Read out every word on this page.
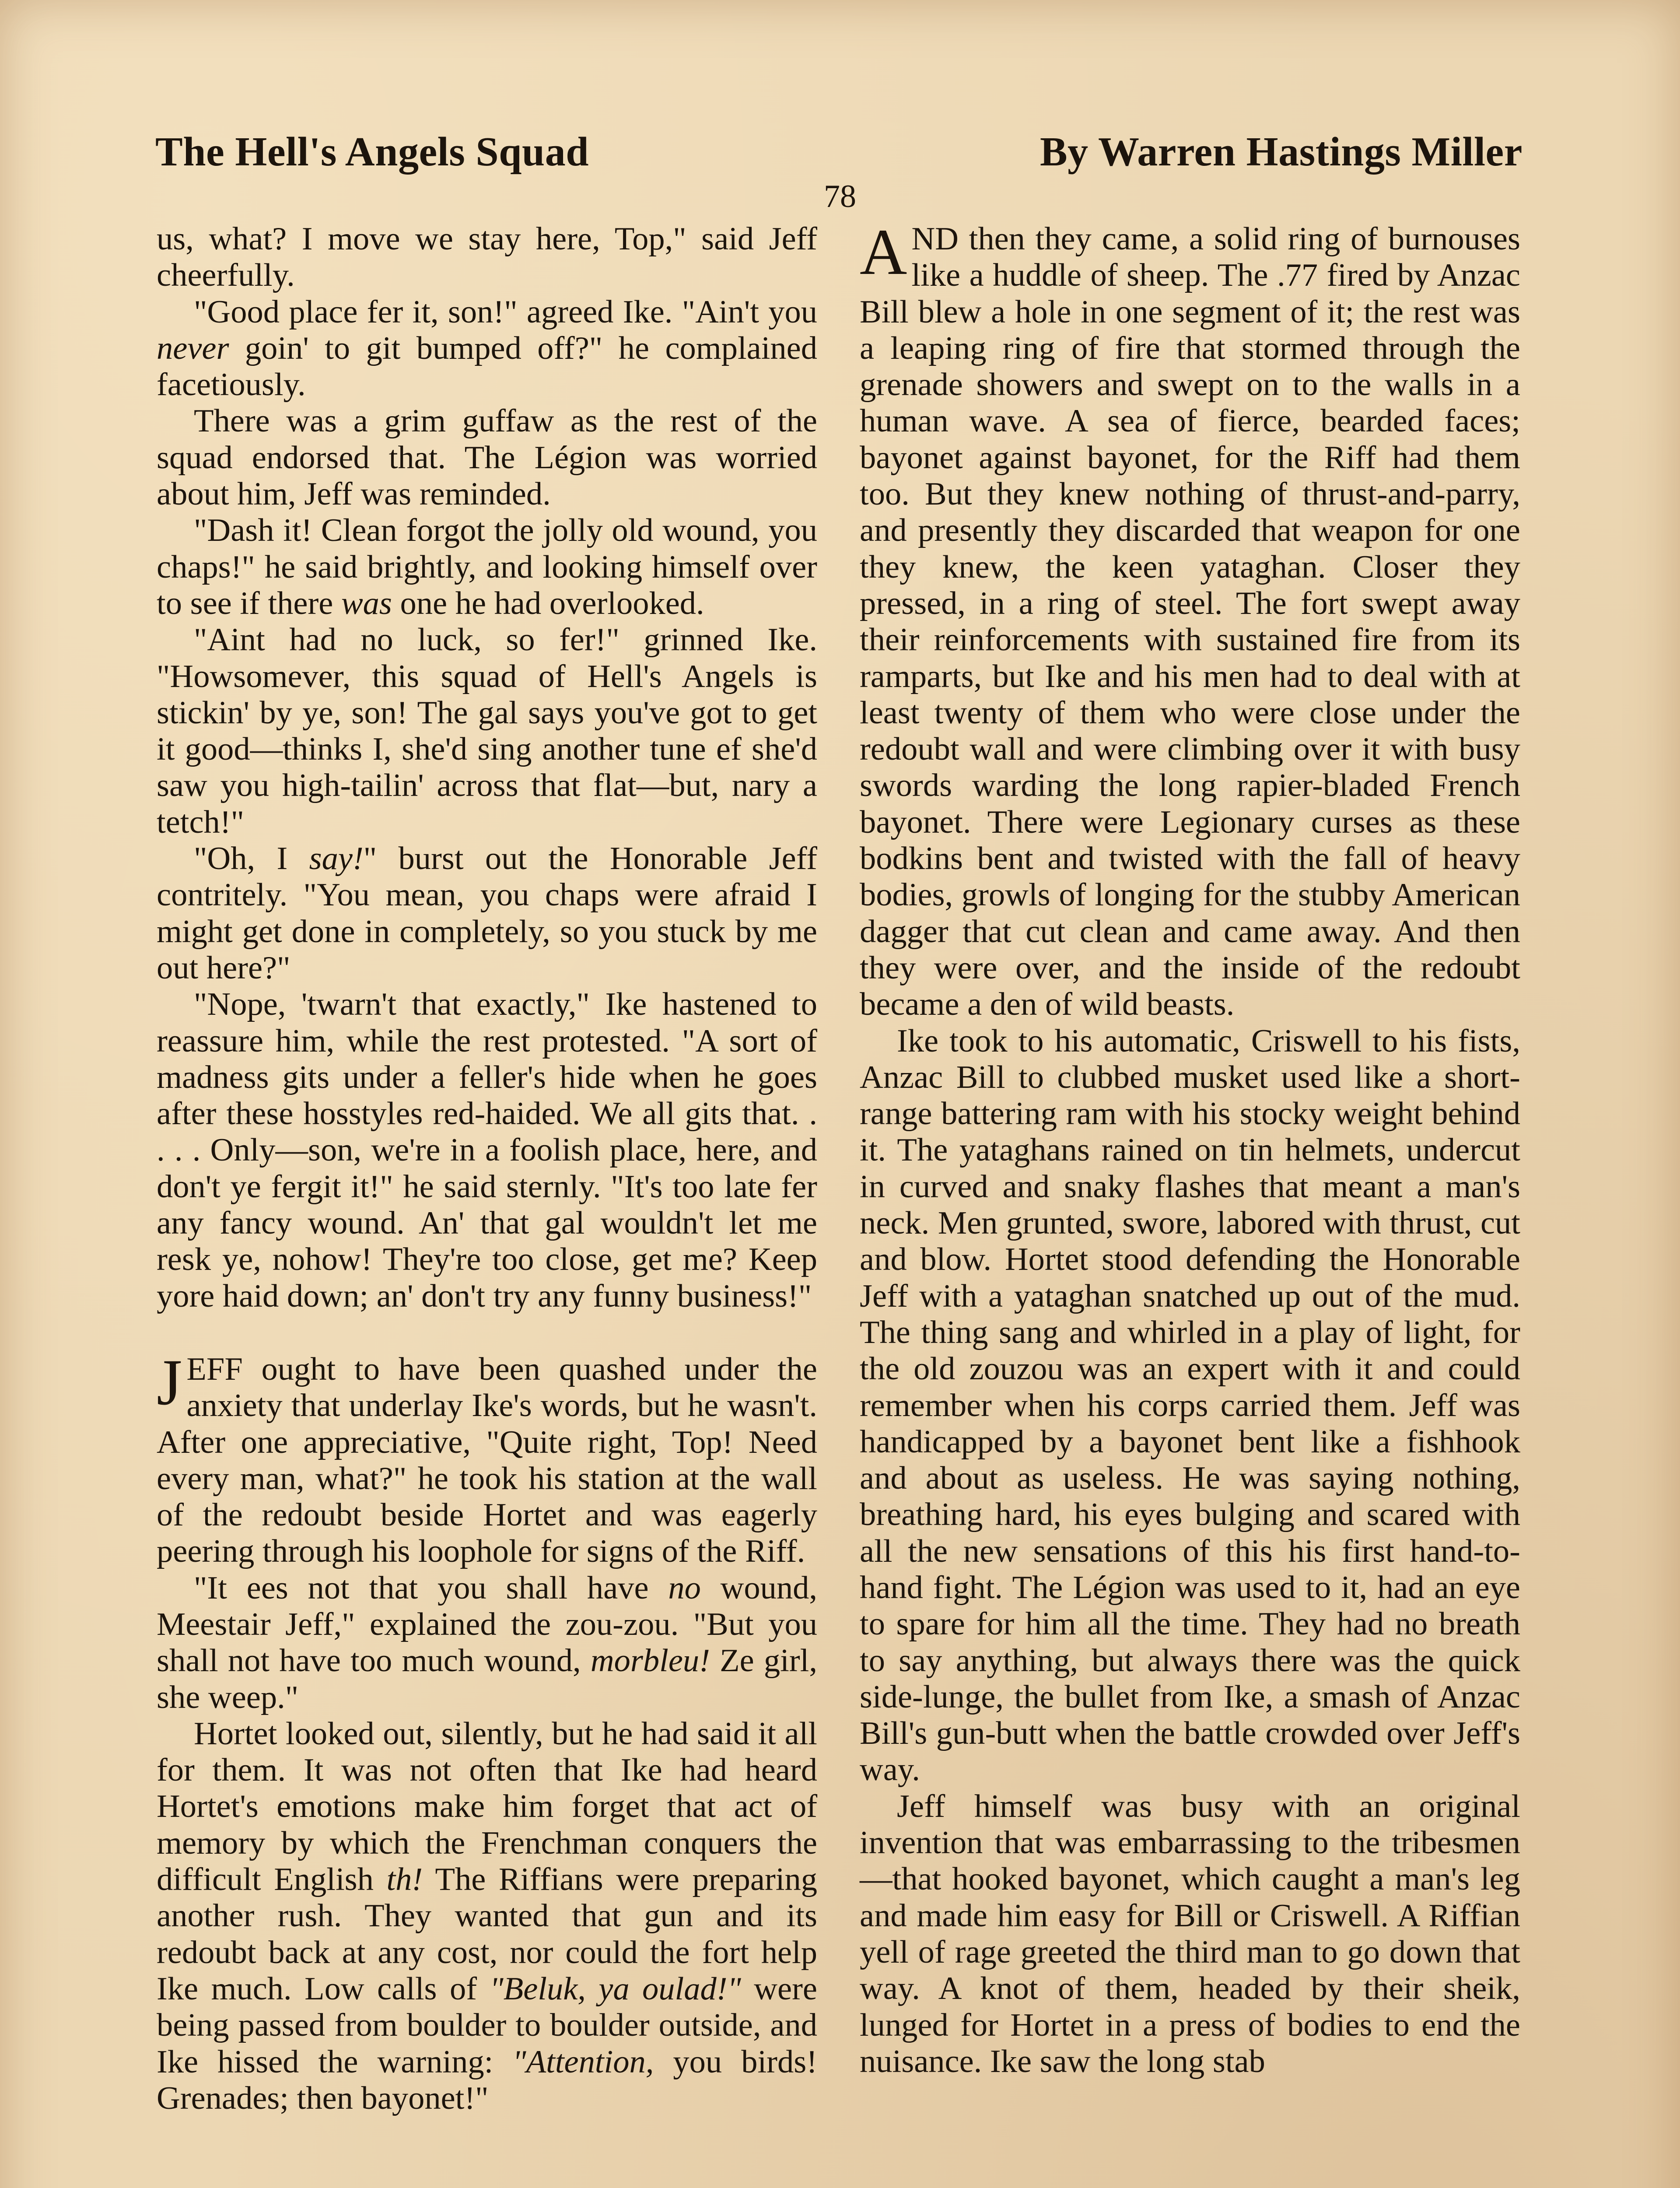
The Hell's Angels Squad	By Warren Hastings Miller
78

us, what? I move we stay here, Top," said Jeff cheerfully.

"Good place fer it, son!" agreed Ike. "Ain't you never goin' to git bumped off?" he complained facetiously.

There was a grim guffaw as the rest of the squad endorsed that. The Légion was worried about him, Jeff was reminded.

"Dash it! Clean forgot the jolly old wound, you chaps!" he said brightly, and looking himself over to see if there was one he had overlooked.

"Aint had no luck, so fer!" grinned Ike. "Howsomever, this squad of Hell's Angels is stickin' by ye, son! The gal says you've got to get it good—thinks I, she'd sing another tune ef she'd saw you high-tailin' across that flat—but, nary a tetch!"

"Oh, I say!" burst out the Honorable Jeff contritely. "You mean, you chaps were afraid I might get done in completely, so you stuck by me out here?"

"Nope, 'twarn't that exactly," Ike hastened to reassure him, while the rest protested. "A sort of madness gits under a feller's hide when he goes after these hosstyles red-haided. We all gits that. . . . . Only—son, we're in a foolish place, here, and don't ye fergit it!" he said sternly. "It's too late fer any fancy wound. An' that gal wouldn't let me resk ye, nohow! They're too close, get me? Keep yore haid down; an' don't try any funny business!"

JEFF ought to have been quashed under the anxiety that underlay Ike's words, but he wasn't. After one appreciative, "Quite right, Top! Need every man, what?" he took his station at the wall of the redoubt beside Hortet and was eagerly peering through his loophole for signs of the Riff.

"It ees not that you shall have no wound, Meestair Jeff," explained the zou-zou. "But you shall not have too much wound, morbleu! Ze girl, she weep."

Hortet looked out, silently, but he had said it all for them. It was not often that Ike had heard Hortet's emotions make him forget that act of memory by which the Frenchman conquers the difficult English th! The Riffians were preparing another rush. They wanted that gun and its redoubt back at any cost, nor could the fort help Ike much. Low calls of "Beluk, ya oulad!" were being passed from boulder to boulder outside, and Ike hissed the warning: "Attention, you birds! Grenades; then bayonet!"

AND then they came, a solid ring of burnouses like a huddle of sheep. The .77 fired by Anzac Bill blew a hole in one segment of it; the rest was a leaping ring of fire that stormed through the grenade showers and swept on to the walls in a human wave. A sea of fierce, bearded faces; bayonet against bayonet, for the Riff had them too. But they knew nothing of thrust-and-parry, and presently they discarded that weapon for one they knew, the keen yataghan. Closer they pressed, in a ring of steel. The fort swept away their reinforcements with sustained fire from its ramparts, but Ike and his men had to deal with at least twenty of them who were close under the redoubt wall and were climbing over it with busy swords warding the long rapier-bladed French bayonet. There were Legionary curses as these bodkins bent and twisted with the fall of heavy bodies, growls of longing for the stubby American dagger that cut clean and came away. And then they were over, and the inside of the redoubt became a den of wild beasts.

Ike took to his automatic, Criswell to his fists, Anzac Bill to clubbed musket used like a short-range battering ram with his stocky weight behind it. The yataghans rained on tin helmets, undercut in curved and snaky flashes that meant a man's neck. Men grunted, swore, labored with thrust, cut and blow. Hortet stood defending the Honorable Jeff with a yataghan snatched up out of the mud. The thing sang and whirled in a play of light, for the old zouzou was an expert with it and could remember when his corps carried them. Jeff was handicapped by a bayonet bent like a fishhook and about as useless. He was saying nothing, breathing hard, his eyes bulging and scared with all the new sensations of this his first hand-to-hand fight. The Légion was used to it, had an eye to spare for him all the time. They had no breath to say anything, but always there was the quick side-lunge, the bullet from Ike, a smash of Anzac Bill's gun-butt when the battle crowded over Jeff's way.

Jeff himself was busy with an original invention that was embarrassing to the tribesmen—that hooked bayonet, which caught a man's leg and made him easy for Bill or Criswell. A Riffian yell of rage greeted the third man to go down that way. A knot of them, headed by their sheik, lunged for Hortet in a press of bodies to end the nuisance. Ike saw the long stab
